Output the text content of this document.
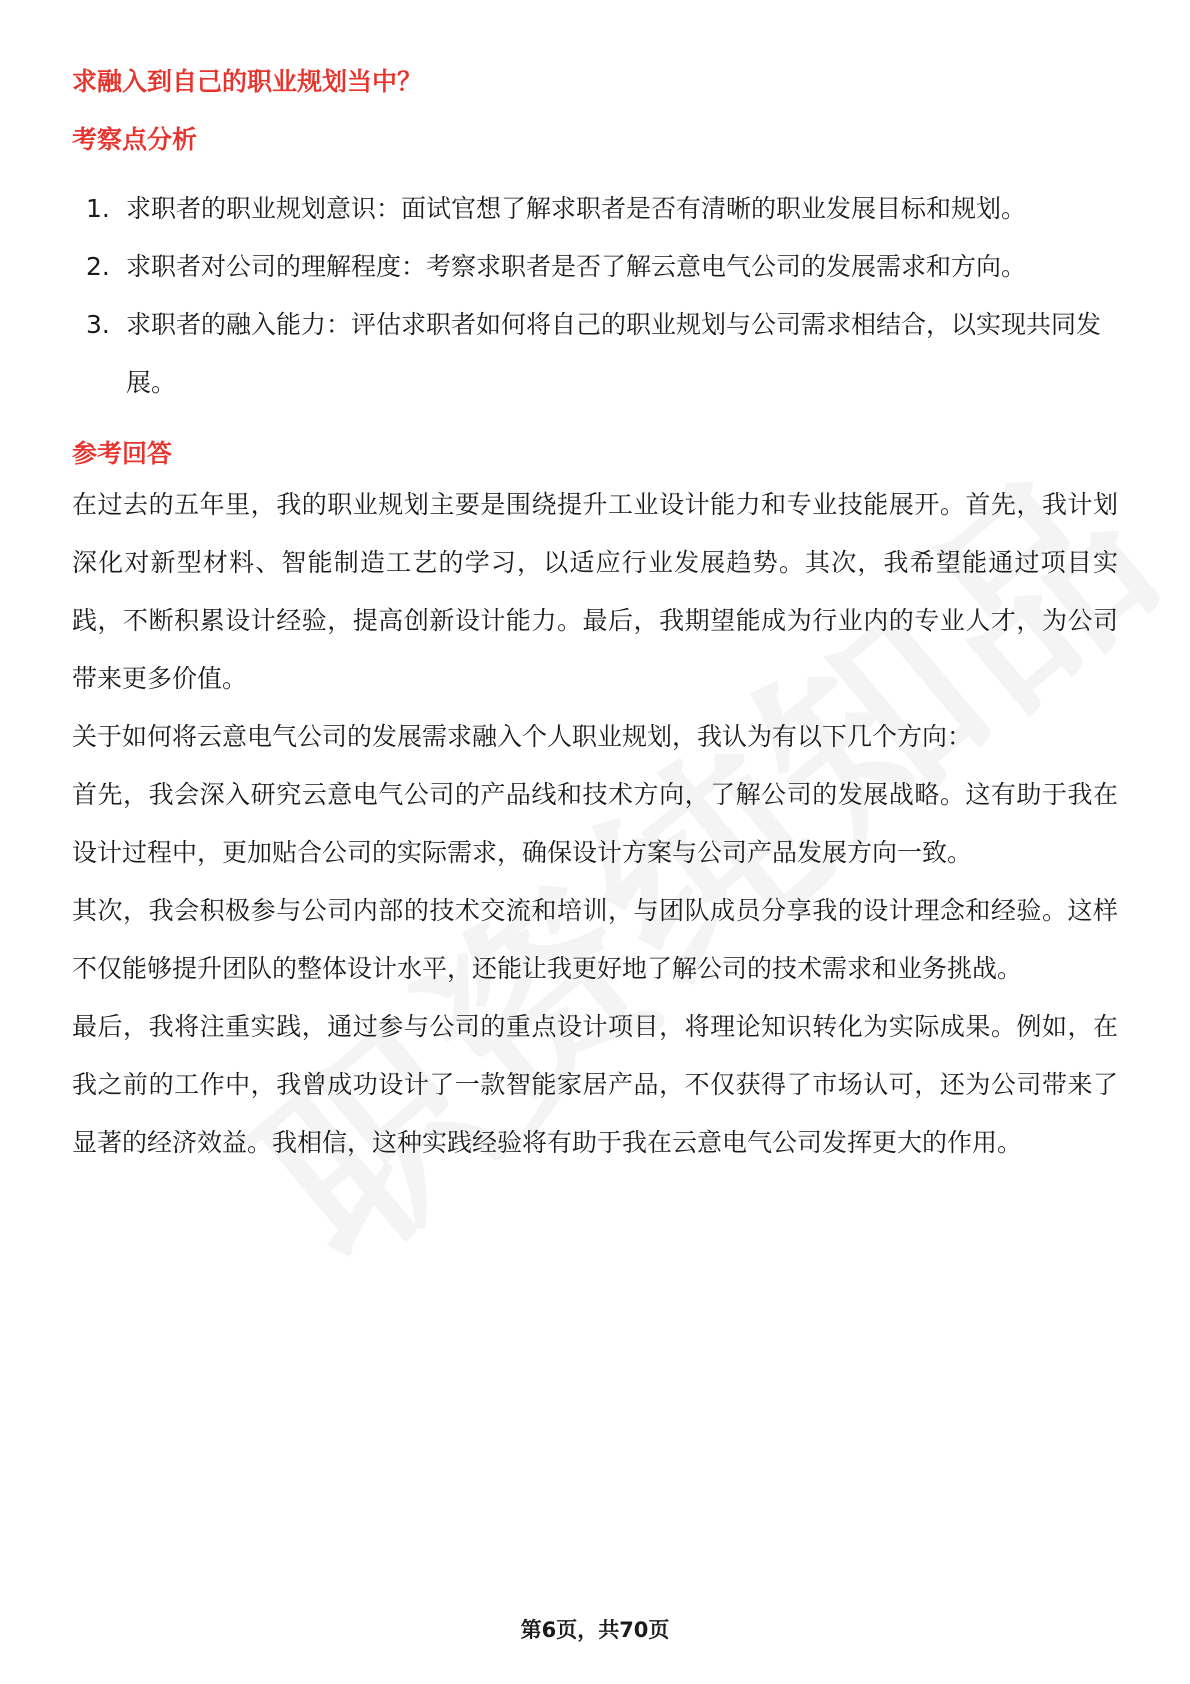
求融入到自己的职业规划当中？
考察点分析
1. 求职者的职业规划意识：面试官想了解求职者是否有清晰的职业发展目标和规划。
2. 求职者对公司的理解程度：考察求职者是否了解云意电气公司的发展需求和方向。
3. 求职者的融入能力：评估求职者如何将自己的职业规划与公司需求相结合，以实现共同发展。
参考回答

在过去的五年里，我的职业规划主要是围绕提升工业设计能力和专业技能展开。首先，我计划深化对新型材料、智能制造工艺的学习，以适应行业发展趋势。其次，我希望能通过项目实践，不断积累设计经验，提高创新设计能力。最后，我期望能成为行业内的专业人才，为公司带来更多价值。

关于如何将云意电气公司的发展需求融入个人职业规划，我认为有以下几个方向：

首先，我会深入研究云意电气公司的产品线和技术方向，了解公司的发展战略。这有助于我在设计过程中，更加贴合公司的实际需求，确保设计方案与公司产品发展方向一致。

其次，我会积极参与公司内部的技术交流和培训，与团队成员分享我的设计理念和经验。这样不仅能够提升团队的整体设计水平，还能让我更好地了解公司的技术需求和业务挑战。

最后，我将注重实践，通过参与公司的重点设计项目，将理论知识转化为实际成果。例如，在我之前的工作中，我曾成功设计了一款智能家居产品，不仅获得了市场认可，还为公司带来了显著的经济效益。我相信，这种实践经验将有助于我在云意电气公司发挥更大的作用。

第6页，共70页
